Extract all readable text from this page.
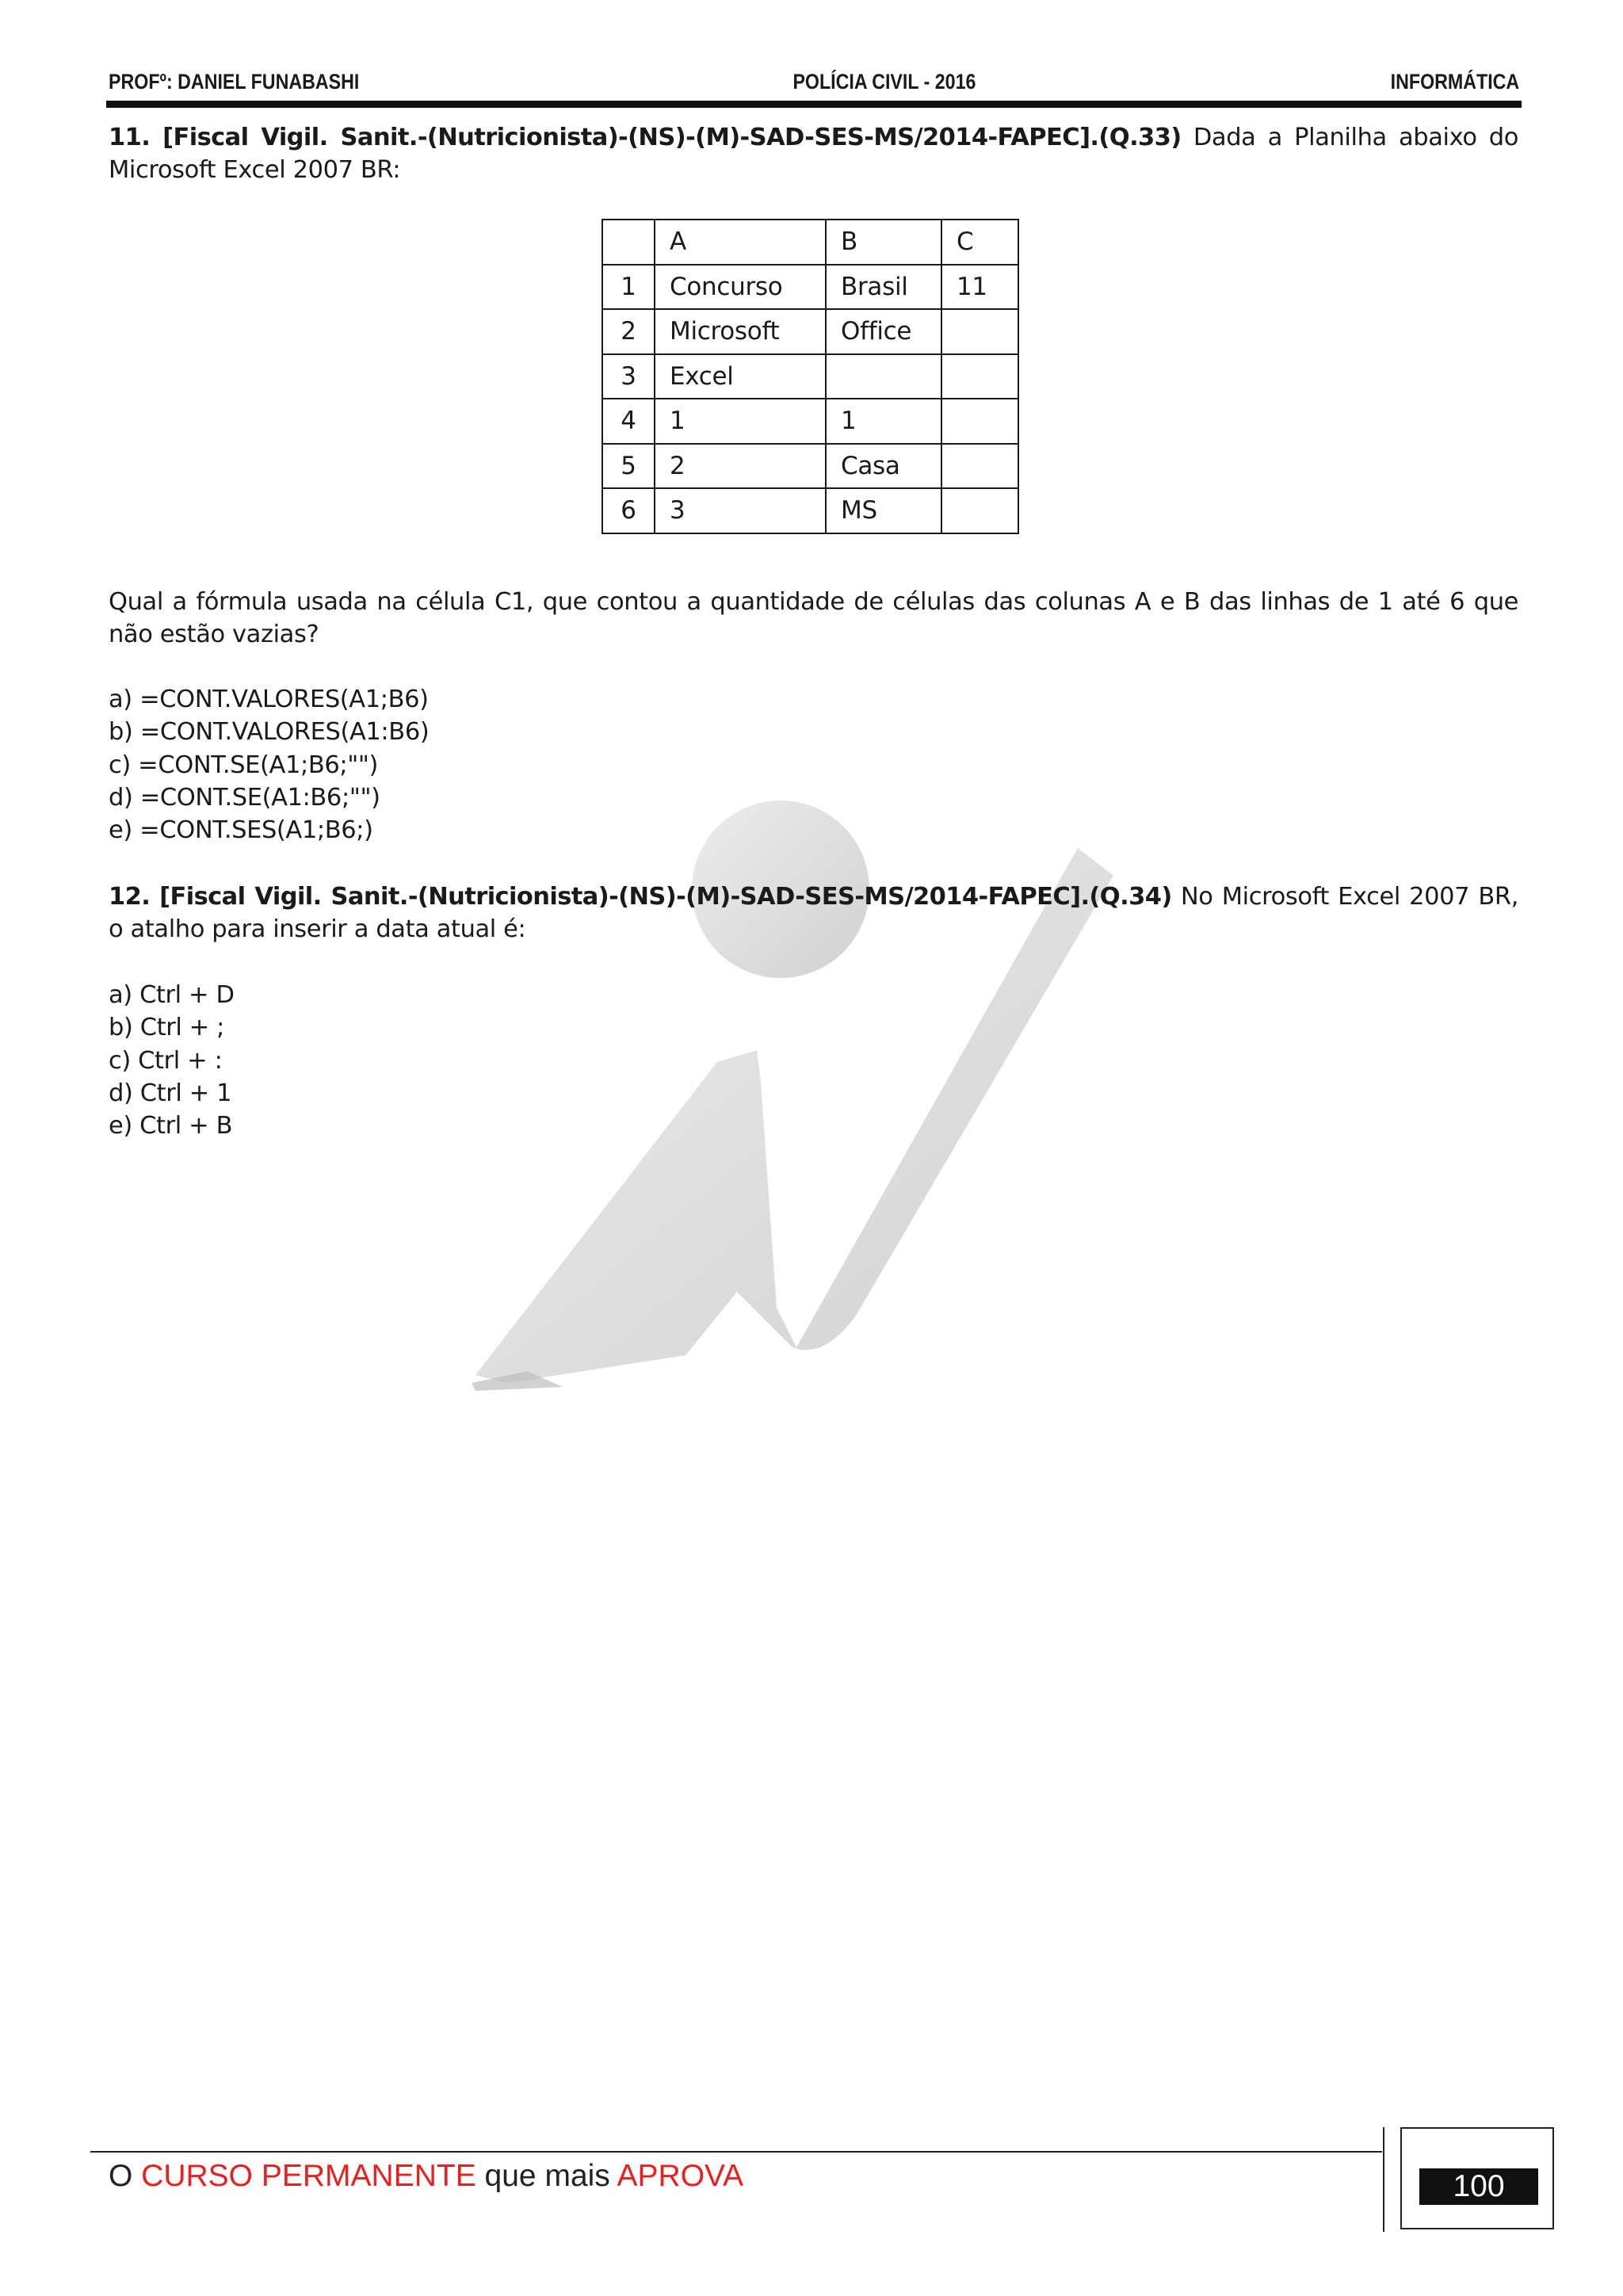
PROFº: DANIEL FUNABASHI	POLÍCIA CIVIL - 2016	INFORMÁTICA
11. [Fiscal Vigil. Sanit.-(Nutricionista)-(NS)-(M)-SAD-SES-MS/2014-FAPEC].(Q.33) Dada a Planilha abaixo do Microsoft Excel 2007 BR:
	A	B	C
1	Concurso	Brasil	11
2	Microsoft	Office	
3	Excel		
4	1	1	
5	2	Casa	
6	3	MS	
Qual a fórmula usada na célula C1, que contou a quantidade de células das colunas A e B das linhas de 1 até 6 que não estão vazias?
a) =CONT.VALORES(A1;B6)
b) =CONT.VALORES(A1:B6)
c) =CONT.SE(A1;B6;"")
d) =CONT.SE(A1:B6;"")
e) =CONT.SES(A1;B6;)
12. [Fiscal Vigil. Sanit.-(Nutricionista)-(NS)-(M)-SAD-SES-MS/2014-FAPEC].(Q.34) No Microsoft Excel 2007 BR, o atalho para inserir a data atual é:
a) Ctrl + D
b) Ctrl + ;
c) Ctrl + :
d) Ctrl + 1
e) Ctrl + B
O CURSO PERMANENTE que mais APROVA	100
